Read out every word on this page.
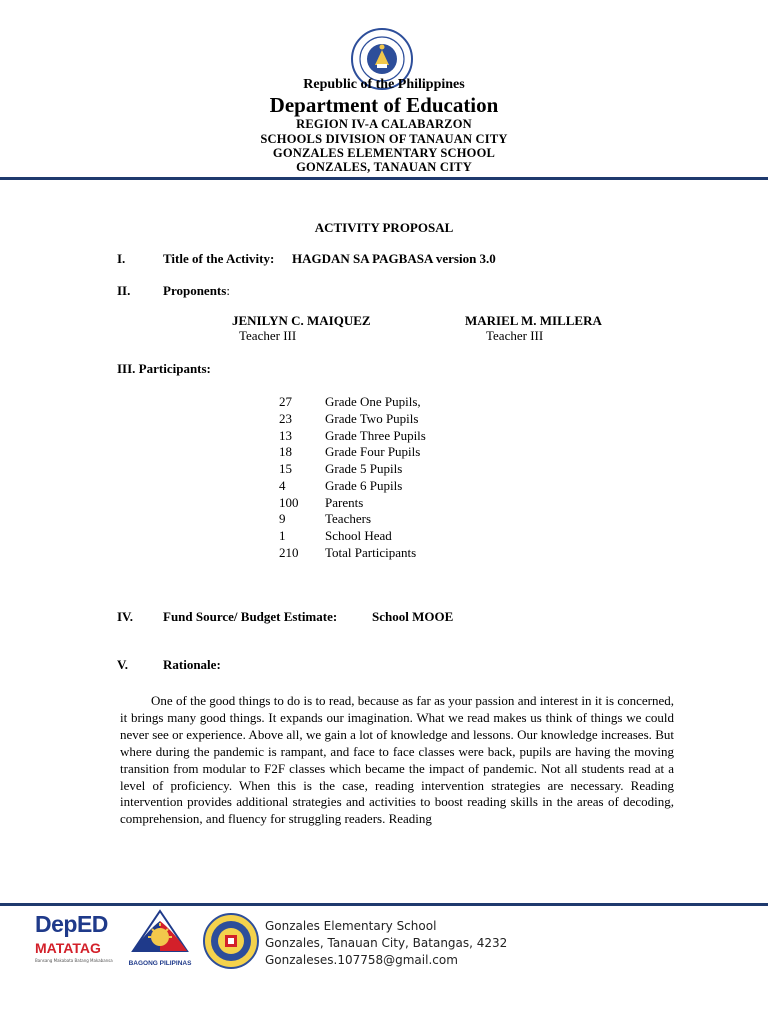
Republic of the Philippines
Department of Education
REGION IV-A CALABARZON
SCHOOLS DIVISION OF TANAUAN CITY
GONZALES ELEMENTARY SCHOOL
GONZALES, TANAUAN CITY
ACTIVITY PROPOSAL
I.	Title of the Activity: HAGDAN SA PAGBASA version 3.0
II.	Proponents:
JENILYN C. MAIQUEZ
Teacher III
MARIEL M. MILLERA
Teacher III
III. Participants:
27	Grade One Pupils,
23	Grade Two Pupils
13	Grade Three Pupils
18	Grade Four Pupils
15	Grade 5 Pupils
4	Grade 6 Pupils
100 Parents
9	Teachers
1	School Head
210 Total Participants
IV. Fund Source/ Budget Estimate:	School MOOE
V.	Rationale:

One of the good things to do is to read, because as far as your passion and interest in it is concerned, it brings many good things. It expands our imagination. What we read makes us think of things we could never see or experience. Above all, we gain a lot of knowledge and lessons. Our knowledge increases. But where during the pandemic is rampant, and face to face classes were back, pupils are having the moving transition from modular to F2F classes which became the impact of pandemic. Not all students read at a level of proficiency. When this is the case, reading intervention strategies are necessary. Reading intervention provides additional strategies and activities to boost reading skills in the areas of decoding, comprehension, and fluency for struggling readers. Reading

DepED
MATATAG
Bansang Makabata Batang Makabansa	BAGONG PILIPINAS
Gonzales Elementary School
Gonzales, Tanauan City, Batangas, 4232
Gonzaleses.107758@gmail.com
